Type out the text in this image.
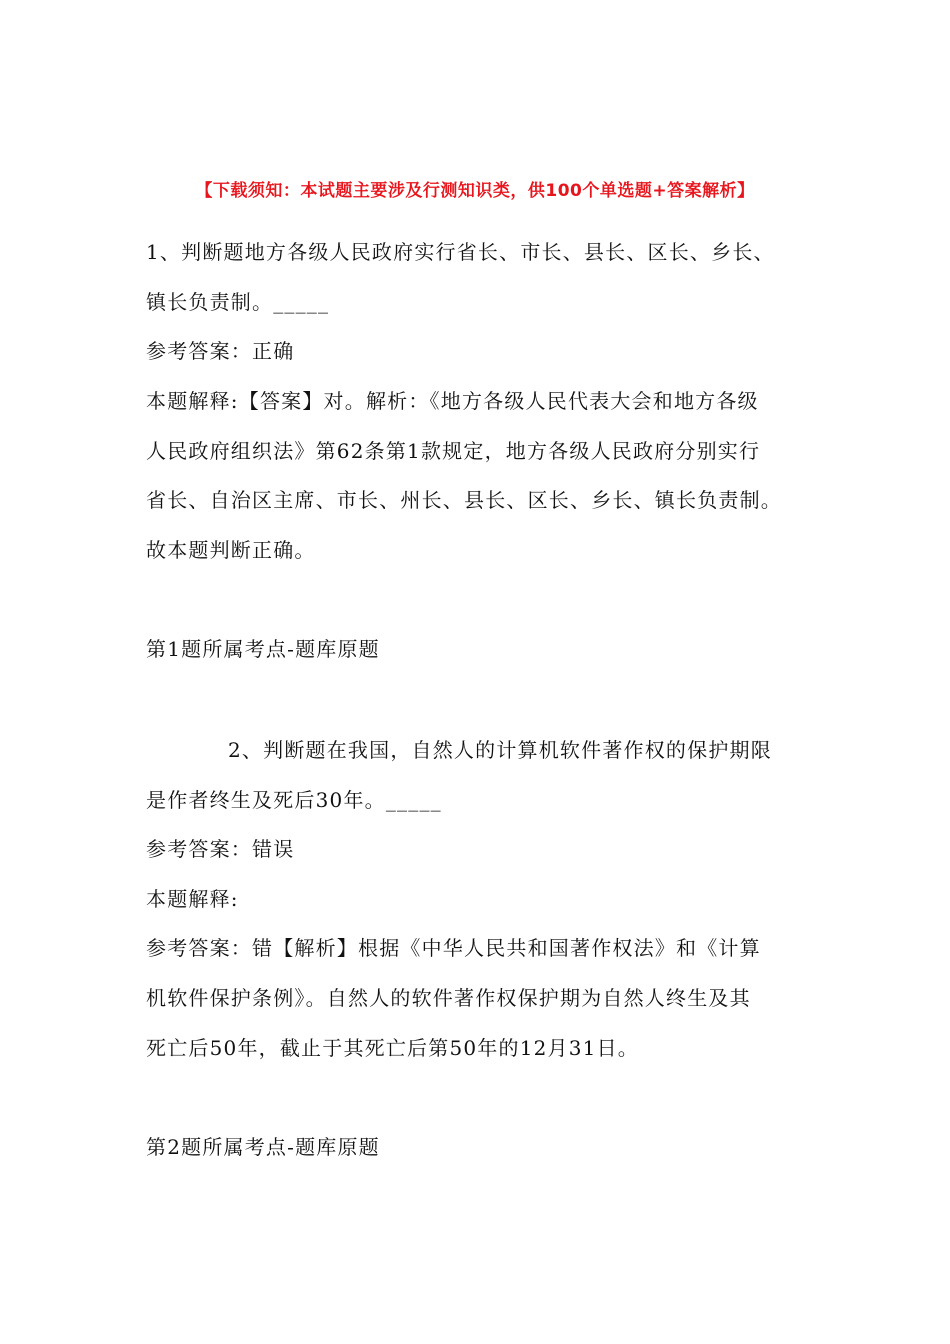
【下载须知：本试题主要涉及行测知识类，供100个单选题+答案解析】
1、判断题地方各级人民政府实行省长、市长、县长、区长、乡长、
镇长负责制。_____
参考答案：正确
本题解释:【答案】对。解析：《地方各级人民代表大会和地方各级
人民政府组织法》第62条第1款规定，地方各级人民政府分别实行
省长、自治区主席、市长、州长、县长、区长、乡长、镇长负责制。
故本题判断正确。
第1题所属考点-题库原题
2、判断题在我国，自然人的计算机软件著作权的保护期限
是作者终生及死后30年。_____
参考答案：错误
本题解释:
参考答案：错【解析】根据《中华人民共和国著作权法》和《计算
机软件保护条例》。自然人的软件著作权保护期为自然人终生及其
死亡后50年，截止于其死亡后第50年的12月31日。
第2题所属考点-题库原题
